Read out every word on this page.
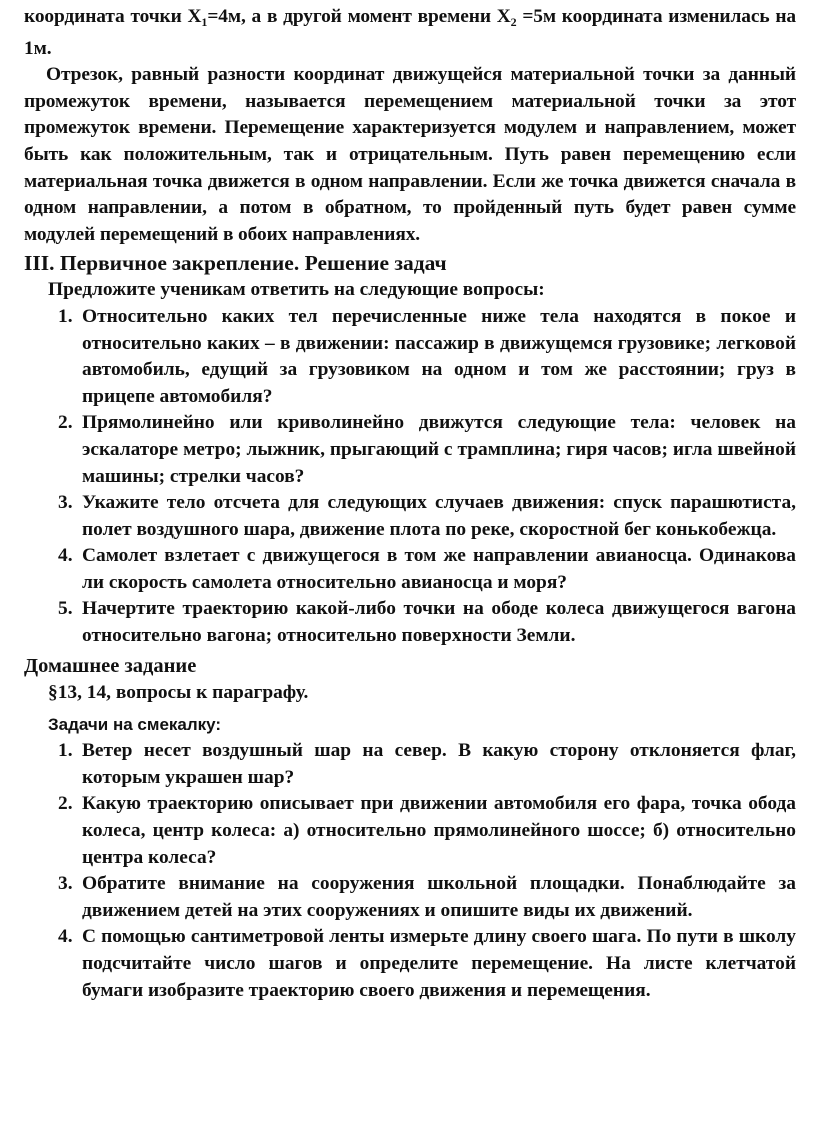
координата точки $X_1=4м$, а в другой момент времени $X_2 =5м$ координата изменилась на 1м.

Отрезок, равный разности координат движущейся материальной точки за данный промежуток времени, называется перемещением материальной точки за этот промежуток времени. Перемещение характеризуется модулем и направлением, может быть как положительным, так и отрицательным. Путь равен перемещению если материальная точка движется в одном направлении. Если же точка движется сначала в одном направлении, а потом в обратном, то пройденный путь будет равен сумме модулей перемещений в обоих направлениях.

III. Первичное закрепление. Решение задач

Предложите ученикам ответить на следующие вопросы:

1. Относительно каких тел перечисленные ниже тела находятся в покое и относительно каких – в движении: пассажир в движущемся грузовике; легковой автомобиль, едущий за грузовиком на одном и том же расстоянии; груз в прицепе автомобиля?
2. Прямолинейно или криволинейно движутся следующие тела: человек на эскалаторе метро; лыжник, прыгающий с трамплина; гиря часов; игла швейной машины; стрелки часов?
3. Укажите тело отсчета для следующих случаев движения: спуск парашютиста, полет воздушного шара, движение плота по реке, скоростной бег конькобежца.
4. Самолет взлетает с движущегося в том же направлении авианосца. Одинакова ли скорость самолета относительно авианосца и моря?
5. Начертите траекторию какой-либо точки на ободе колеса движущегося вагона относительно вагона; относительно поверхности Земли.
Домашнее задание

§13, 14, вопросы к параграфу.

Задачи на смекалку:
1. Ветер несет воздушный шар на север. В какую сторону отклоняется флаг, которым украшен шар?
2. Какую траекторию описывает при движении автомобиля его фара, точка обода колеса, центр колеса: а) относительно прямолинейного шоссе; б) относительно центра колеса?
3. Обратите внимание на сооружения школьной площадки. Понаблюдайте за движением детей на этих сооружениях и опишите виды их движений.
4. С помощью сантиметровой ленты измерьте длину своего шага. По пути в школу подсчитайте число шагов и определите перемещение. На листе клетчатой бумаги изобразите траекторию своего движения и перемещения.
